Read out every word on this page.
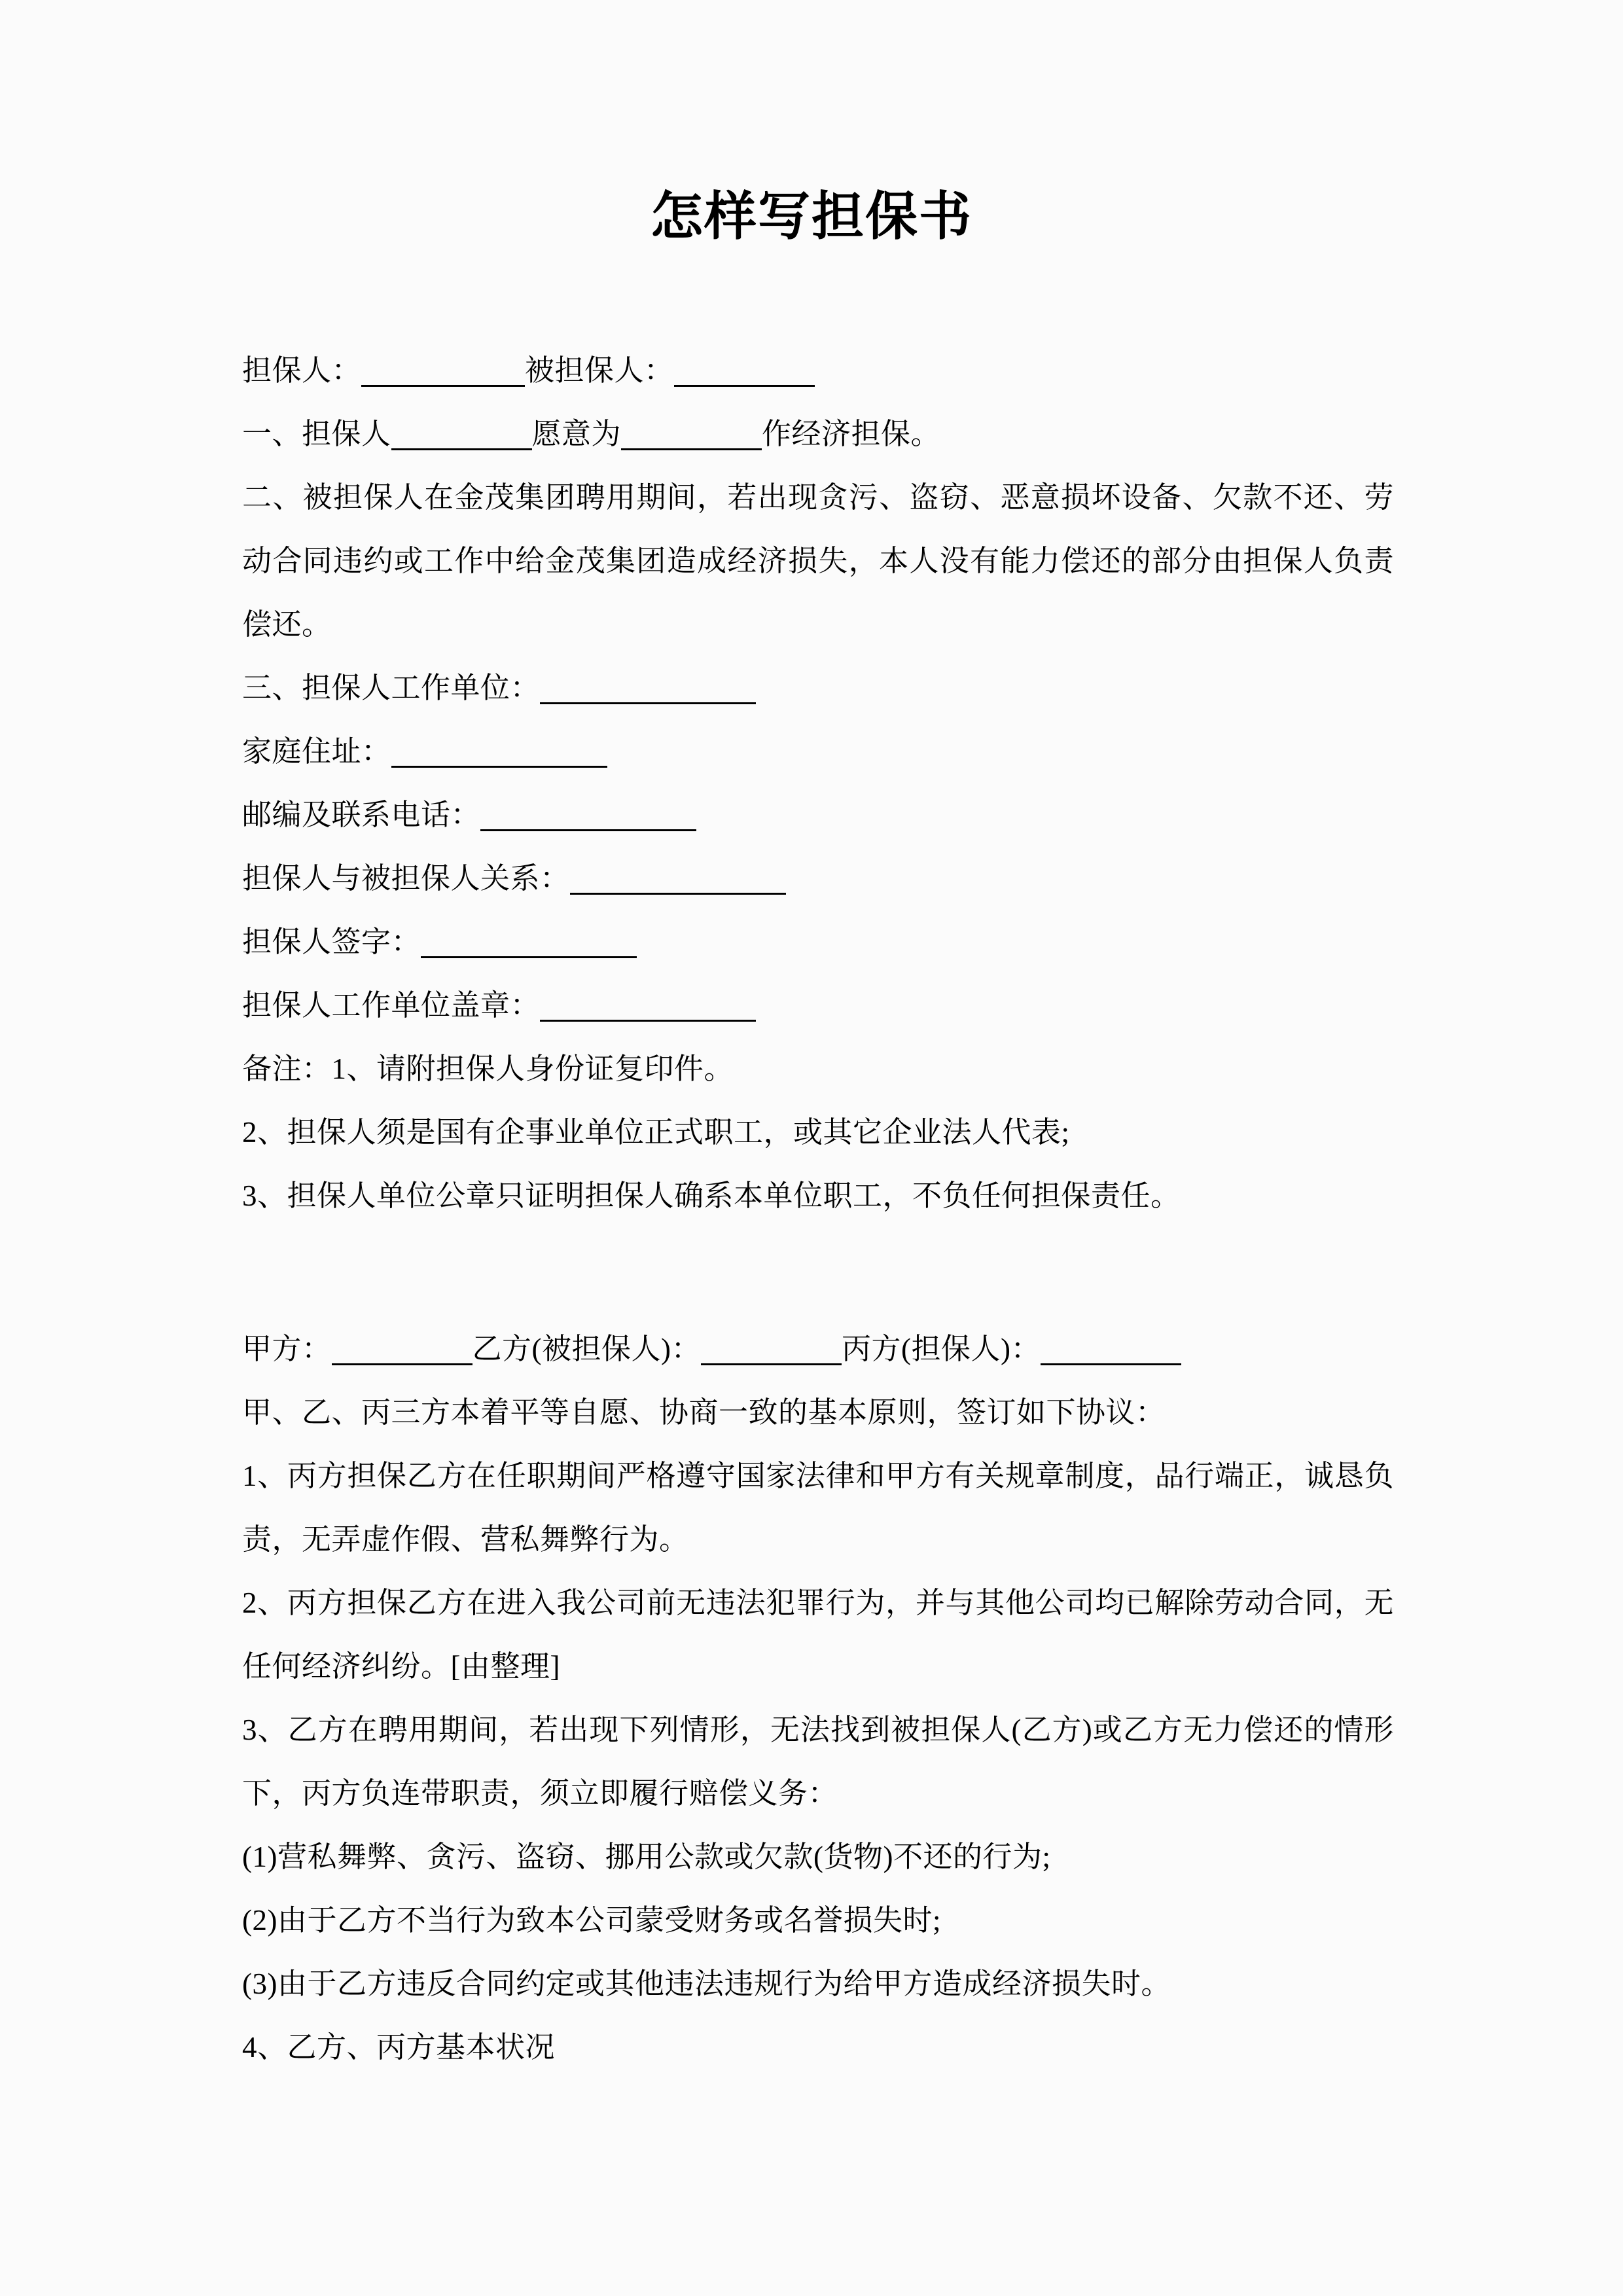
怎样写担保书
担保人：	被担保人：
一、担保人	愿意为	作经济担保。
二、被担保人在金茂集团聘用期间，若出现贪污、盗窃、恶意损坏设备、欠款不还、劳动合同违约或工作中给金茂集团造成经济损失，本人没有能力偿还的部分由担保人负责偿还。
三、担保人工作单位：
家庭住址：
邮编及联系电话：
担保人与被担保人关系：
担保人签字：
担保人工作单位盖章：
备注：1、请附担保人身份证复印件。
2、担保人须是国有企事业单位正式职工，或其它企业法人代表;
3、担保人单位公章只证明担保人确系本单位职工，不负任何担保责任。
甲方：	乙方(被担保人)：	丙方(担保人)：
甲、乙、丙三方本着平等自愿、协商一致的基本原则，签订如下协议：
1、丙方担保乙方在任职期间严格遵守国家法律和甲方有关规章制度，品行端正，诚恳负责，无弄虚作假、营私舞弊行为。
2、丙方担保乙方在进入我公司前无违法犯罪行为，并与其他公司均已解除劳动合同，无任何经济纠纷。[由整理]
3、乙方在聘用期间，若出现下列情形，无法找到被担保人(乙方)或乙方无力偿还的情形下，丙方负连带职责，须立即履行赔偿义务：
(1)营私舞弊、贪污、盗窃、挪用公款或欠款(货物)不还的行为;
(2)由于乙方不当行为致本公司蒙受财务或名誉损失时;
(3)由于乙方违反合同约定或其他违法违规行为给甲方造成经济损失时。
4、乙方、丙方基本状况
